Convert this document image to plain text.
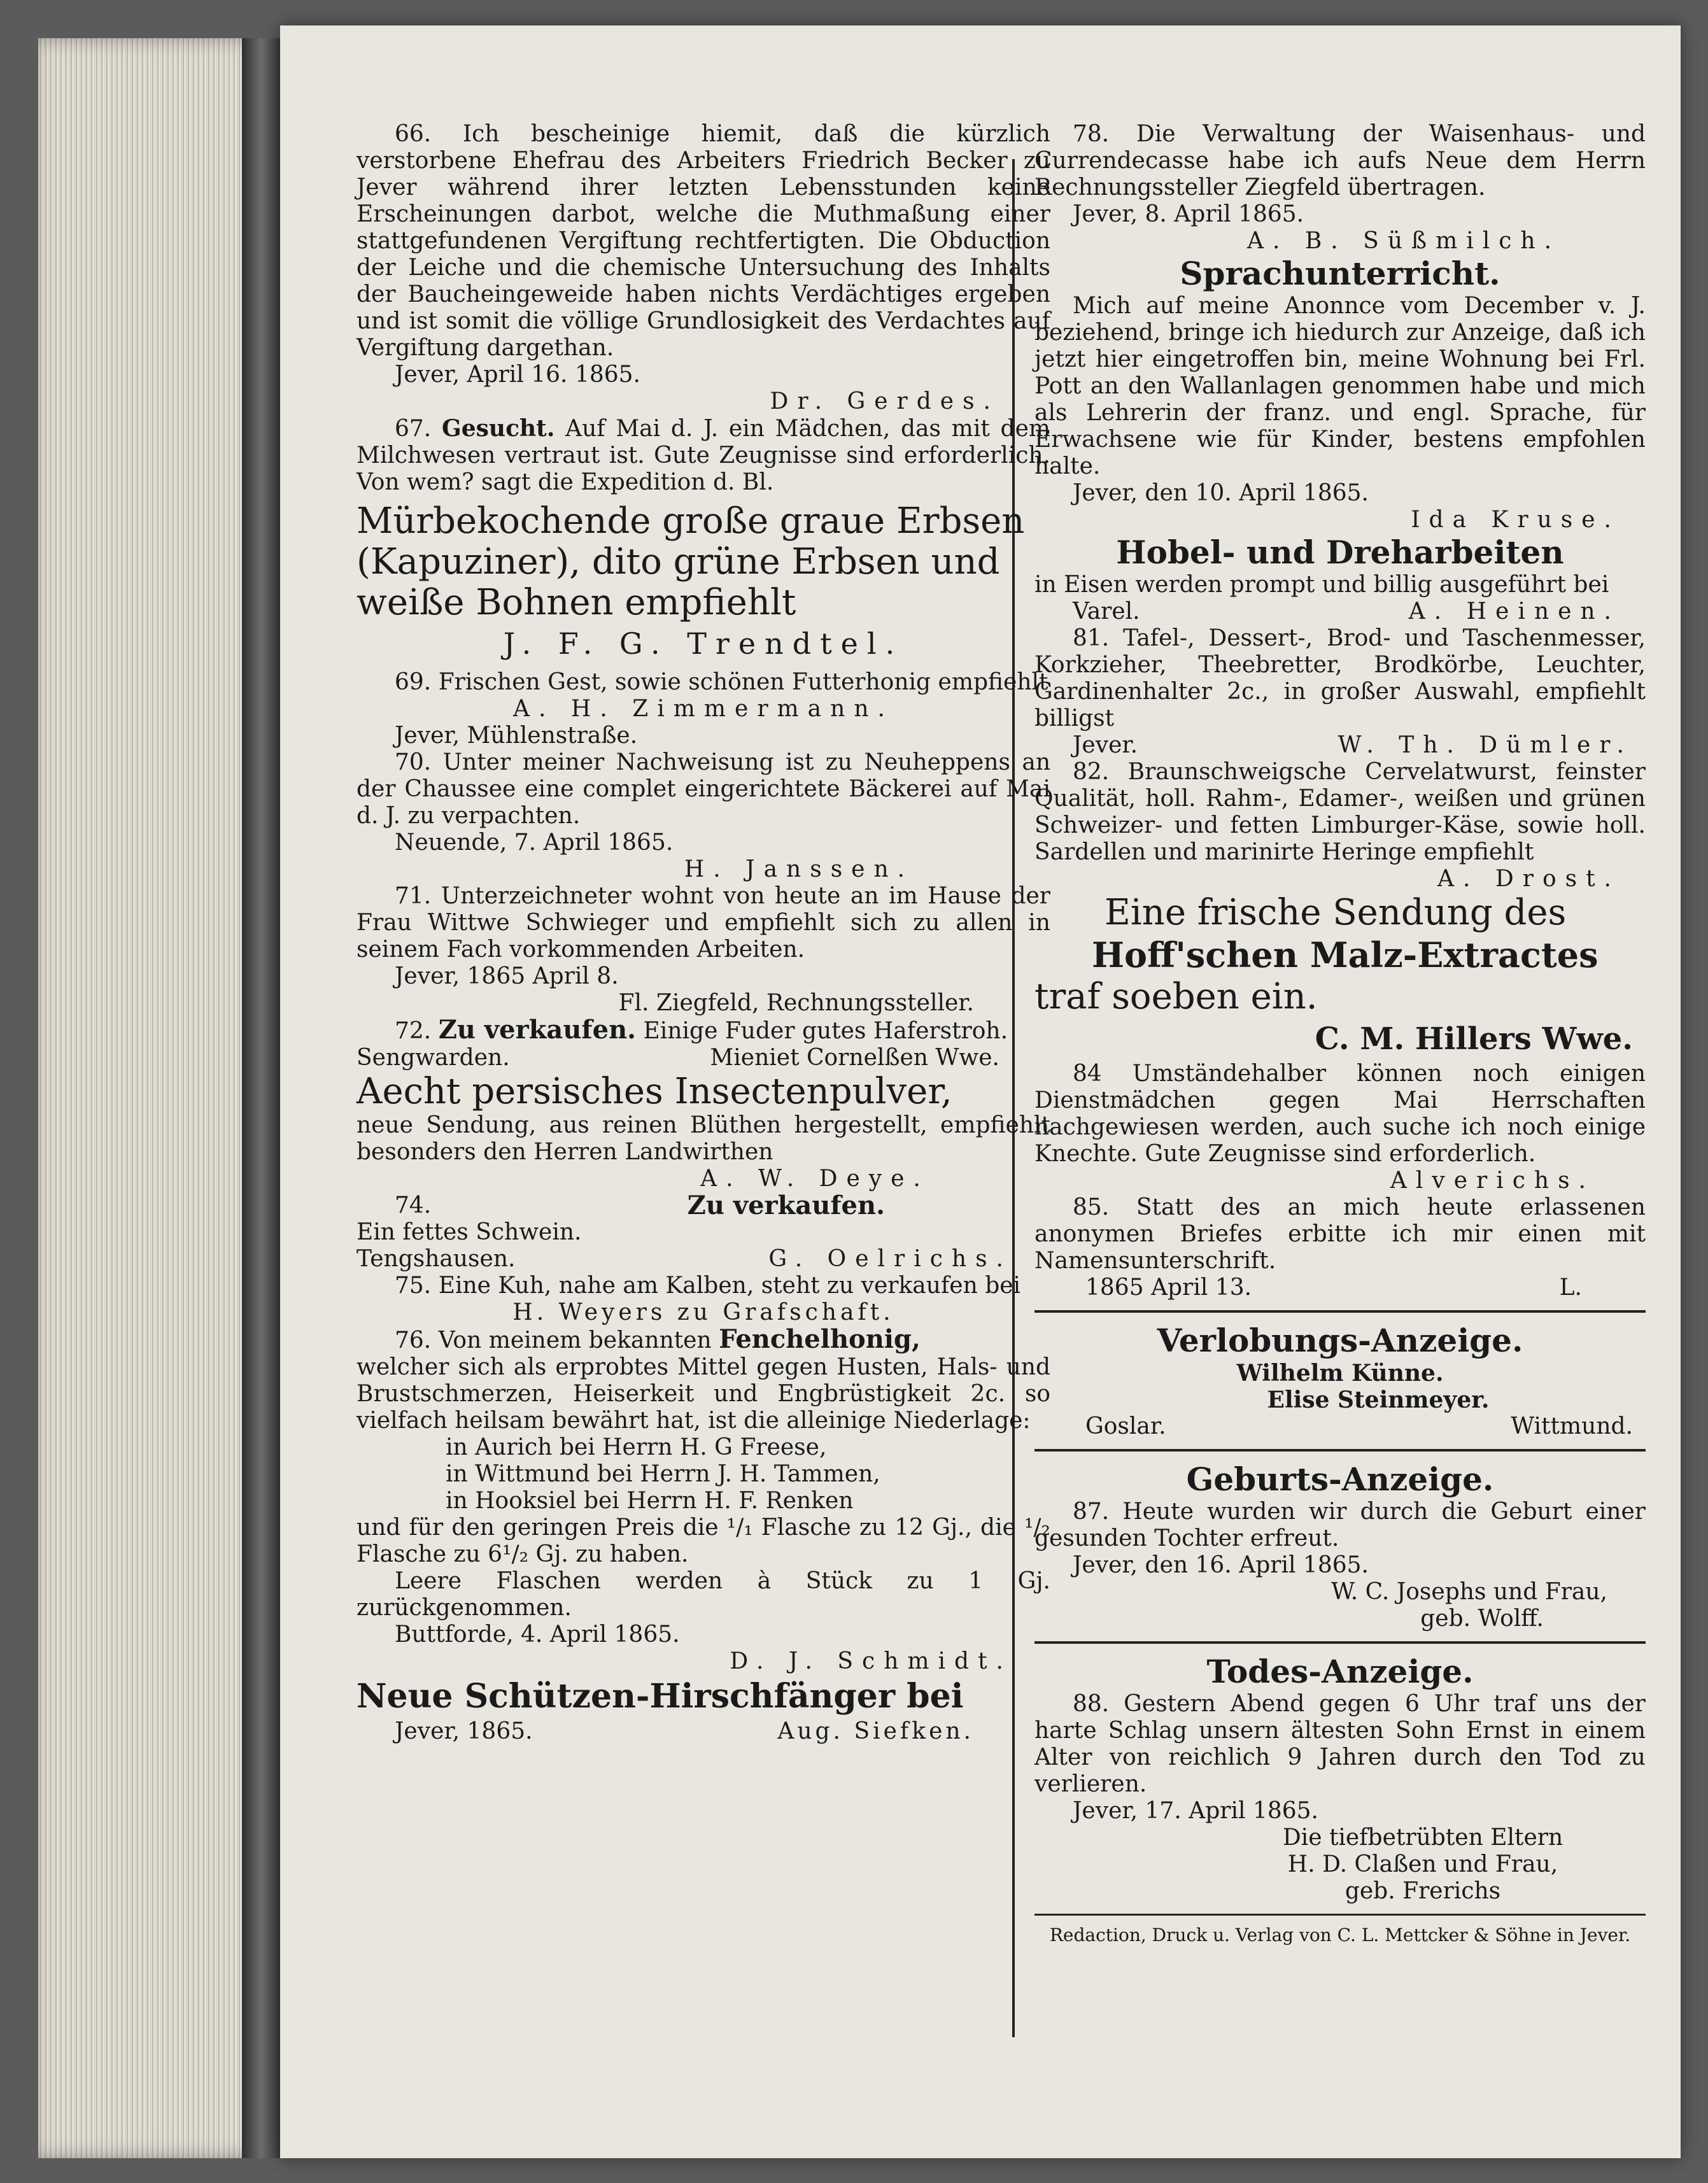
66. Ich bescheinige hiemit, daß die kürzlich verstorbene Ehefrau des Arbeiters Friedrich Becker zu Jever während ihrer letzten Lebensstunden keine Erscheinungen darbot, welche die Muthmaßung einer stattgefundenen Vergiftung rechtfertigten. Die Obduction der Leiche und die chemische Untersuchung des Inhalts der Baucheingeweide haben nichts Verdächtiges ergeben und ist somit die völlige Grundlosigkeit des Verdachtes auf Vergiftung dargethan.

Jever, April 16. 1865.

Dr. Gerdes.

67. Gesucht. Auf Mai d. J. ein Mädchen, das mit dem Milchwesen vertraut ist. Gute Zeugnisse sind erforderlich. Von wem? sagt die Expedition d. Bl.

Mürbekochende große graue Erbsen (Kapuziner), dito grüne Erbsen und weiße Bohnen empfiehlt

J. F. G. Trendtel.

69. Frischen Gest, sowie schönen Futterhonig empfiehlt

A. H. Zimmermann.

Jever, Mühlenstraße.

70. Unter meiner Nachweisung ist zu Neuheppens an der Chaussee eine complet eingerichtete Bäckerei auf Mai d. J. zu verpachten.

Neuende, 7. April 1865.

H. Janssen.

71. Unterzeichneter wohnt von heute an im Hause der Frau Wittwe Schwieger und empfiehlt sich zu allen in seinem Fach vorkommenden Arbeiten.

Jever, 1865 April 8.

Fl. Ziegfeld, Rechnungssteller.

72. Zu verkaufen. Einige Fuder gutes Haferstroh.

Sengwarden.	Mieniet Cornelßen Wwe.

Aecht persisches Insectenpulver,

neue Sendung, aus reinen Blüthen hergestellt, empfiehlt besonders den Herren Landwirthen

A. W. Deye.

74.	Zu verkaufen.

Ein fettes Schwein.

Tengshausen.	G. Oelrichs.

75. Eine Kuh, nahe am Kalben, steht zu verkaufen bei

H. Weyers zu Grafschaft.

76. Von meinem bekannten Fenchelhonig,

welcher sich als erprobtes Mittel gegen Husten, Hals- und Brustschmerzen, Heiserkeit und Engbrüstigkeit 2c. so vielfach heilsam bewährt hat, ist die alleinige Niederlage:

in Aurich bei Herrn H. G Freese,

in Wittmund bei Herrn J. H. Tammen,

in Hooksiel bei Herrn H. F. Renken

und für den geringen Preis die ¹/₁ Flasche zu 12 Gj., die ¹/₂ Flasche zu 6¹/₂ Gj. zu haben.

Leere Flaschen werden à Stück zu 1 Gj. zurückgenommen.

Buttforde, 4. April 1865.

D. J. Schmidt.

Neue Schützen-Hirschfänger bei

Jever, 1865.	Aug. Siefken.

78. Die Verwaltung der Waisenhaus- und Currendecasse habe ich aufs Neue dem Herrn Rechnungssteller Ziegfeld übertragen.

Jever, 8. April 1865.

A. B. Süßmilch.

Sprachunterricht.

Mich auf meine Anonnce vom December v. J. beziehend, bringe ich hiedurch zur Anzeige, daß ich jetzt hier eingetroffen bin, meine Wohnung bei Frl. Pott an den Wallanlagen genommen habe und mich als Lehrerin der franz. und engl. Sprache, für Erwachsene wie für Kinder, bestens empfohlen halte.

Jever, den 10. April 1865.

Ida Kruse.

Hobel- und Dreharbeiten

in Eisen werden prompt und billig ausgeführt bei

Varel.	A. Heinen.

81. Tafel-, Dessert-, Brod- und Taschenmesser, Korkzieher, Theebretter, Brodkörbe, Leuchter, Gardinenhalter 2c., in großer Auswahl, empfiehlt billigst

Jever.	W. Th. Dümler.

82. Braunschweigsche Cervelatwurst, feinster Qualität, holl. Rahm-, Edamer-, weißen und grünen Schweizer- und fetten Limburger-Käse, sowie holl. Sardellen und marinirte Heringe empfiehlt

A. Drost.

Eine frische Sendung des

Hoff'schen Malz-Extractes

traf soeben ein.

C. M. Hillers Wwe.

84 Umständehalber können noch einigen Dienstmädchen gegen Mai Herrschaften nachgewiesen werden, auch suche ich noch einige Knechte. Gute Zeugnisse sind erforderlich.

Alverichs.

85. Statt des an mich heute erlassenen anonymen Briefes erbitte ich mir einen mit Namensunterschrift.

1865 April 13.	L.

Verlobungs-Anzeige.

Wilhelm Künne.

Elise Steinmeyer.

Goslar.	Wittmund.

Geburts-Anzeige.

87. Heute wurden wir durch die Geburt einer gesunden Tochter erfreut.

Jever, den 16. April 1865.

W. C. Josephs und Frau,

geb. Wolff.

Todes-Anzeige.

88. Gestern Abend gegen 6 Uhr traf uns der harte Schlag unsern ältesten Sohn Ernst in einem Alter von reichlich 9 Jahren durch den Tod zu verlieren.

Jever, 17. April 1865.

Die tiefbetrübten Eltern

H. D. Claßen und Frau,

geb. Frerichs

Redaction, Druck u. Verlag von C. L. Mettcker & Söhne in Jever.
